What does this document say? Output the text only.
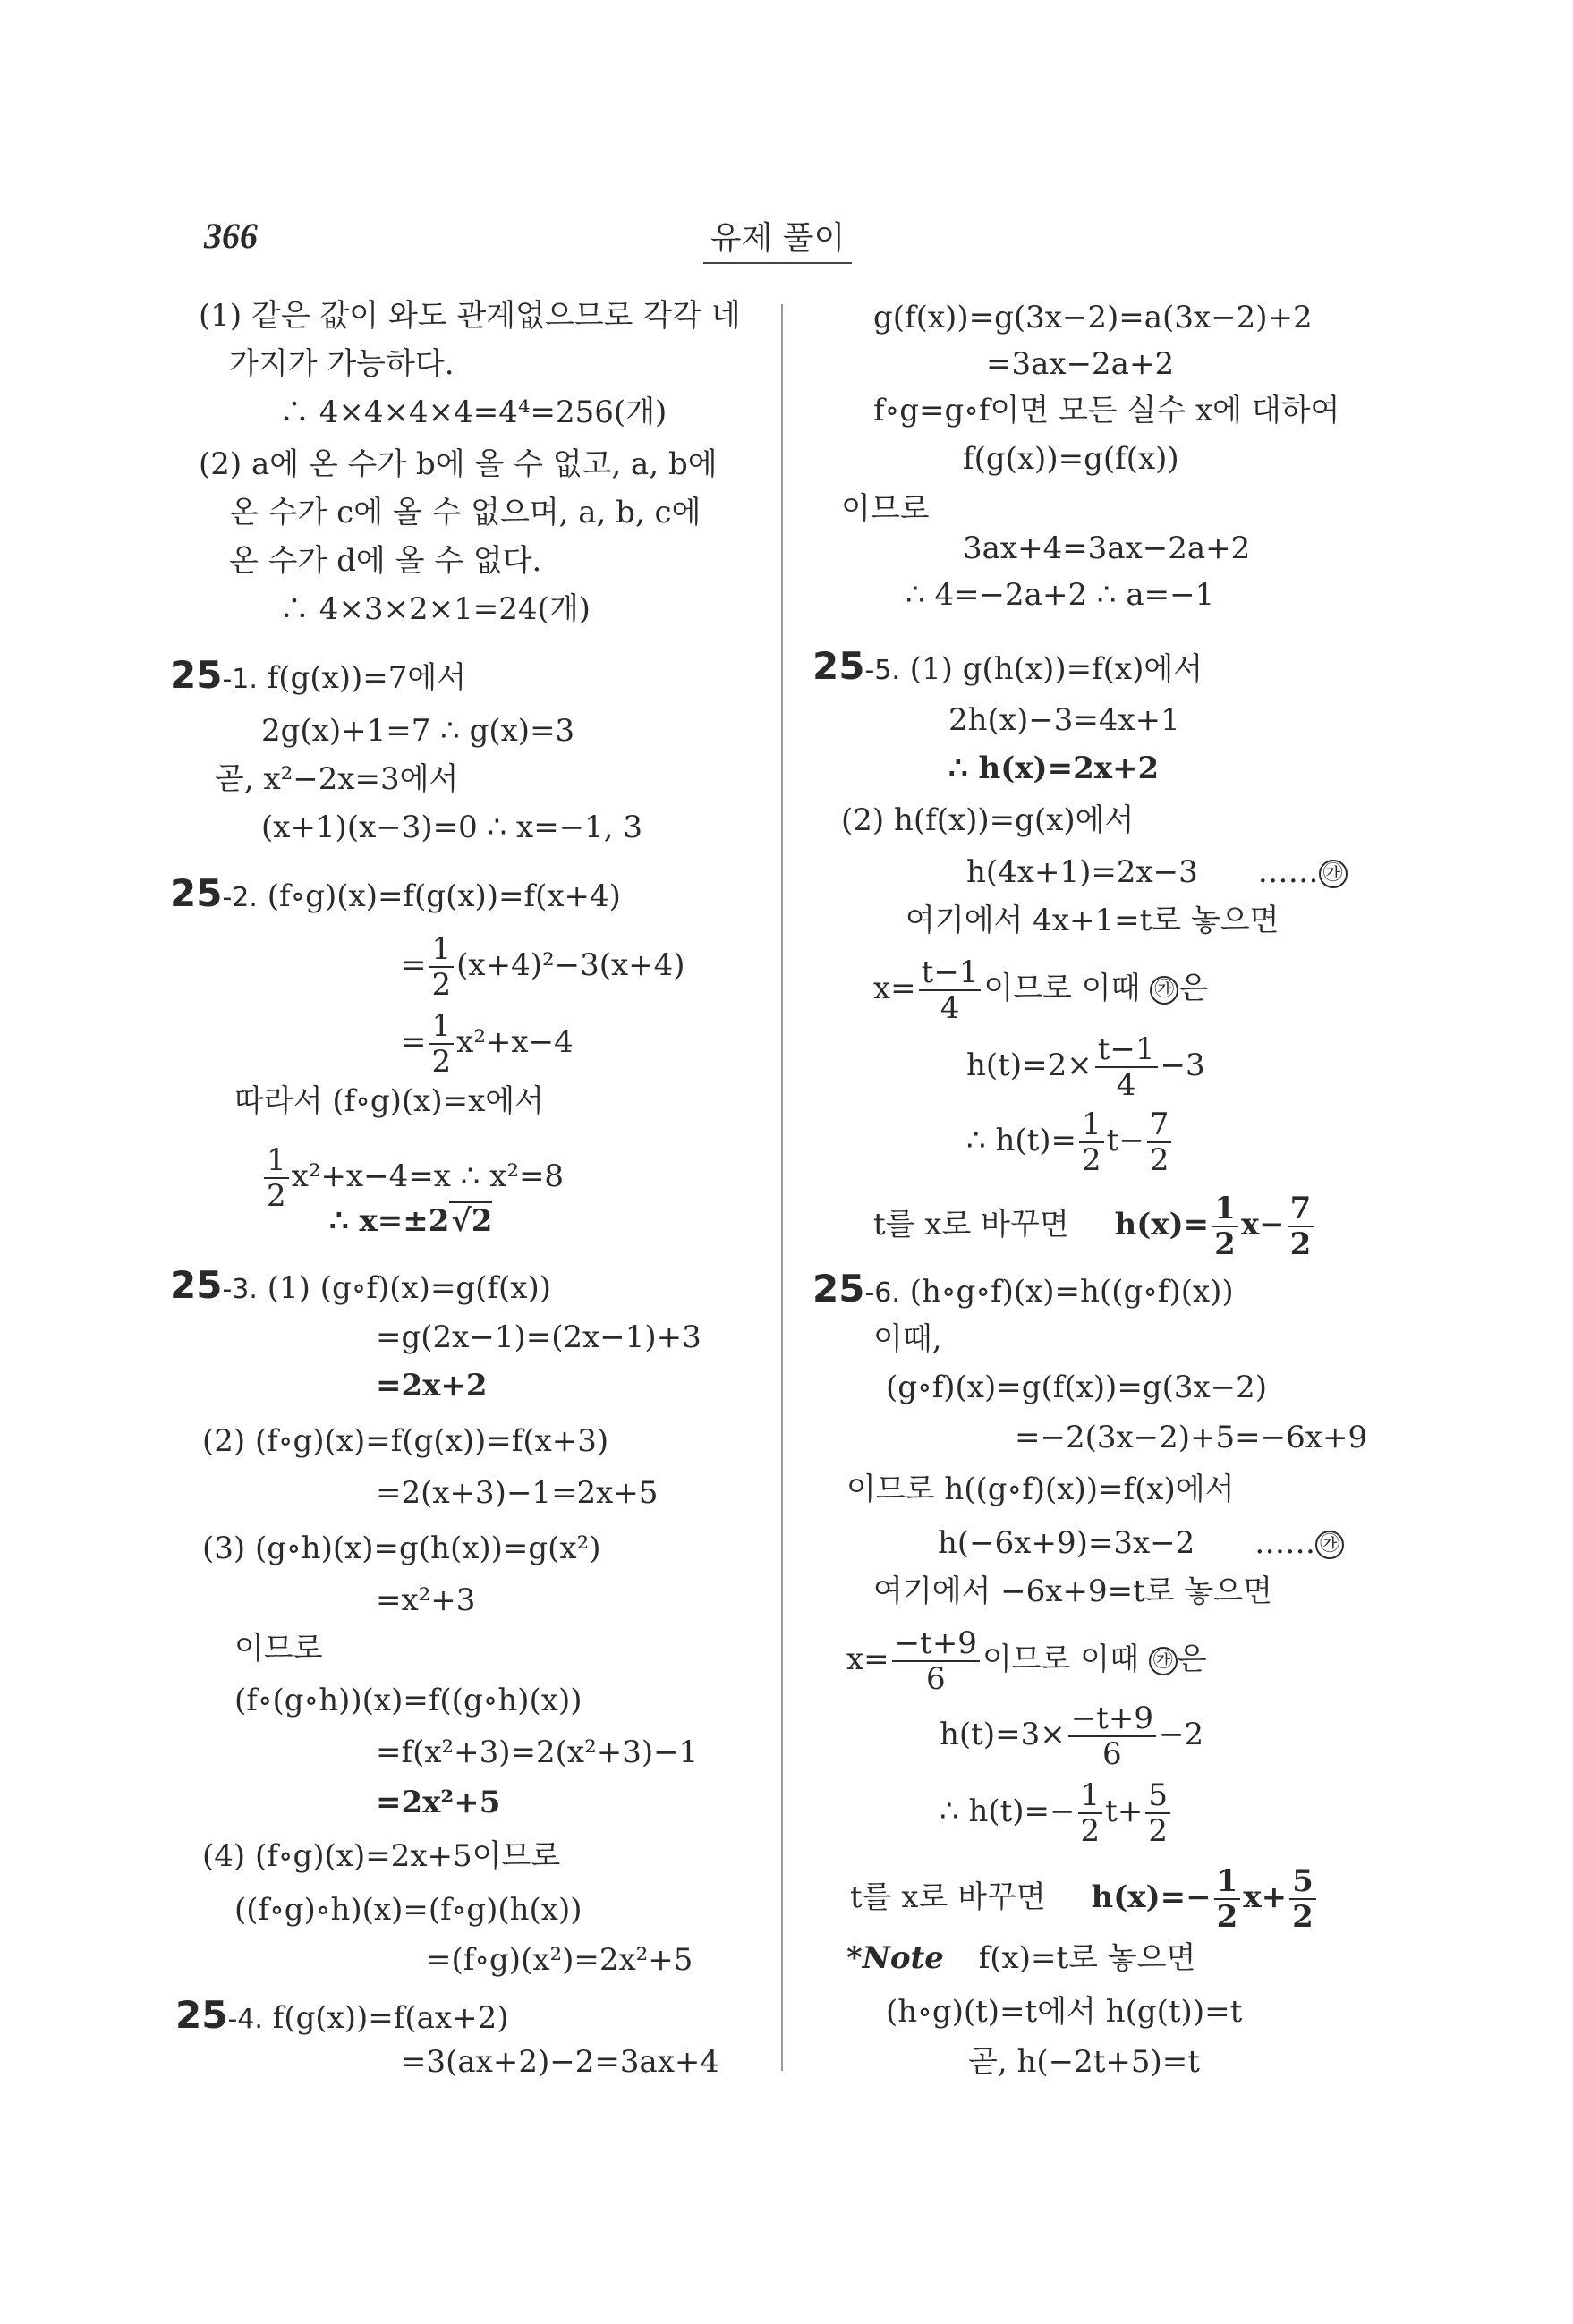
366	유제 풀이
(1) 같은 값이 와도 관계없으므로 각각 네
가지가 가능하다.
∴ 4×4×4×4=4⁴=256(개)
(2) a에 온 수가 b에 올 수 없고, a, b에
온 수가 c에 올 수 없으며, a, b, c에
온 수가 d에 올 수 없다.
∴ 4×3×2×1=24(개)
25-1. f(g(x))=7에서
2g(x)+1=7 ∴ g(x)=3
곧, x²−2x=3에서
(x+1)(x−3)=0 ∴ x=−1, 3
25-2. (f∘g)(x)=f(g(x))=f(x+4)
= $\frac{1}{2} (x+4)^2-3(x+4)$
= $\frac{1}{2} x^2+x-4$
따라서 (f∘g)(x)=x에서
$\frac{1}{2} x^2+x-4=x$ ∴ x²=8
∴ x=±2√2
25-3. (1) (g∘f)(x)=g(f(x))
=g(2x−1)=(2x−1)+3
=2x+2
(2) (f∘g)(x)=f(g(x))=f(x+3)
=2(x+3)−1=2x+5
(3) (g∘h)(x)=g(h(x))=g(x²)
=x²+3
이므로
(f∘(g∘h))(x)=f((g∘h)(x))
=f(x²+3)=2(x²+3)−1
=2x²+5
(4) (f∘g)(x)=2x+5이므로
((f∘g)∘h)(x)=(f∘g)(h(x))
=(f∘g)(x²)=2x²+5
25-4. f(g(x))=f(ax+2)
=3(ax+2)−2=3ax+4
g(f(x))=g(3x−2)=a(3x−2)+2
=3ax−2a+2
f∘g=g∘f이면 모든 실수 x에 대하여
f(g(x))=g(f(x))
이므로
3ax+4=3ax−2a+2
∴ 4=−2a+2 ∴ a=−1
25-5. (1) g(h(x))=f(x)에서
2h(x)−3=4x+1
∴ h(x)=2x+2
(2) h(f(x))=g(x)에서
h(4x+1)=2x−3 …… ㉮
여기에서 4x+1=t로 놓으면
$x= \frac{t-1}{4}$ 이므로 이때 ㉮ 은
$h(t)=2\times \frac{t-1}{4} -3$
∴ $h(t)= \frac{1}{2} t- \frac{7}{2}$
t를 x로 바꾸면 $h(x)= \frac{1}{2} x- \frac{7}{2}$
25-6. (h∘g∘f)(x)=h((g∘f)(x))
이때,
(g∘f)(x)=g(f(x))=g(3x−2)
=−2(3x−2)+5=−6x+9
이므로 h((g∘f)(x))=f(x)에서
h(−6x+9)=3x−2 …… ㉮
여기에서 −6x+9=t로 놓으면
$x= \frac{-t+9}{6}$ 이므로 이때 ㉮ 은
$h(t)=3\times \frac{-t+9}{6} -2$
∴ $h(t)=- \frac{1}{2} t+ \frac{5}{2}$
t를 x로 바꾸면 $h(x)=- \frac{1}{2} x+ \frac{5}{2}$
*Note f(x)=t로 놓으면
(h∘g)(t)=t에서 h(g(t))=t
곧, h(−2t+5)=t
